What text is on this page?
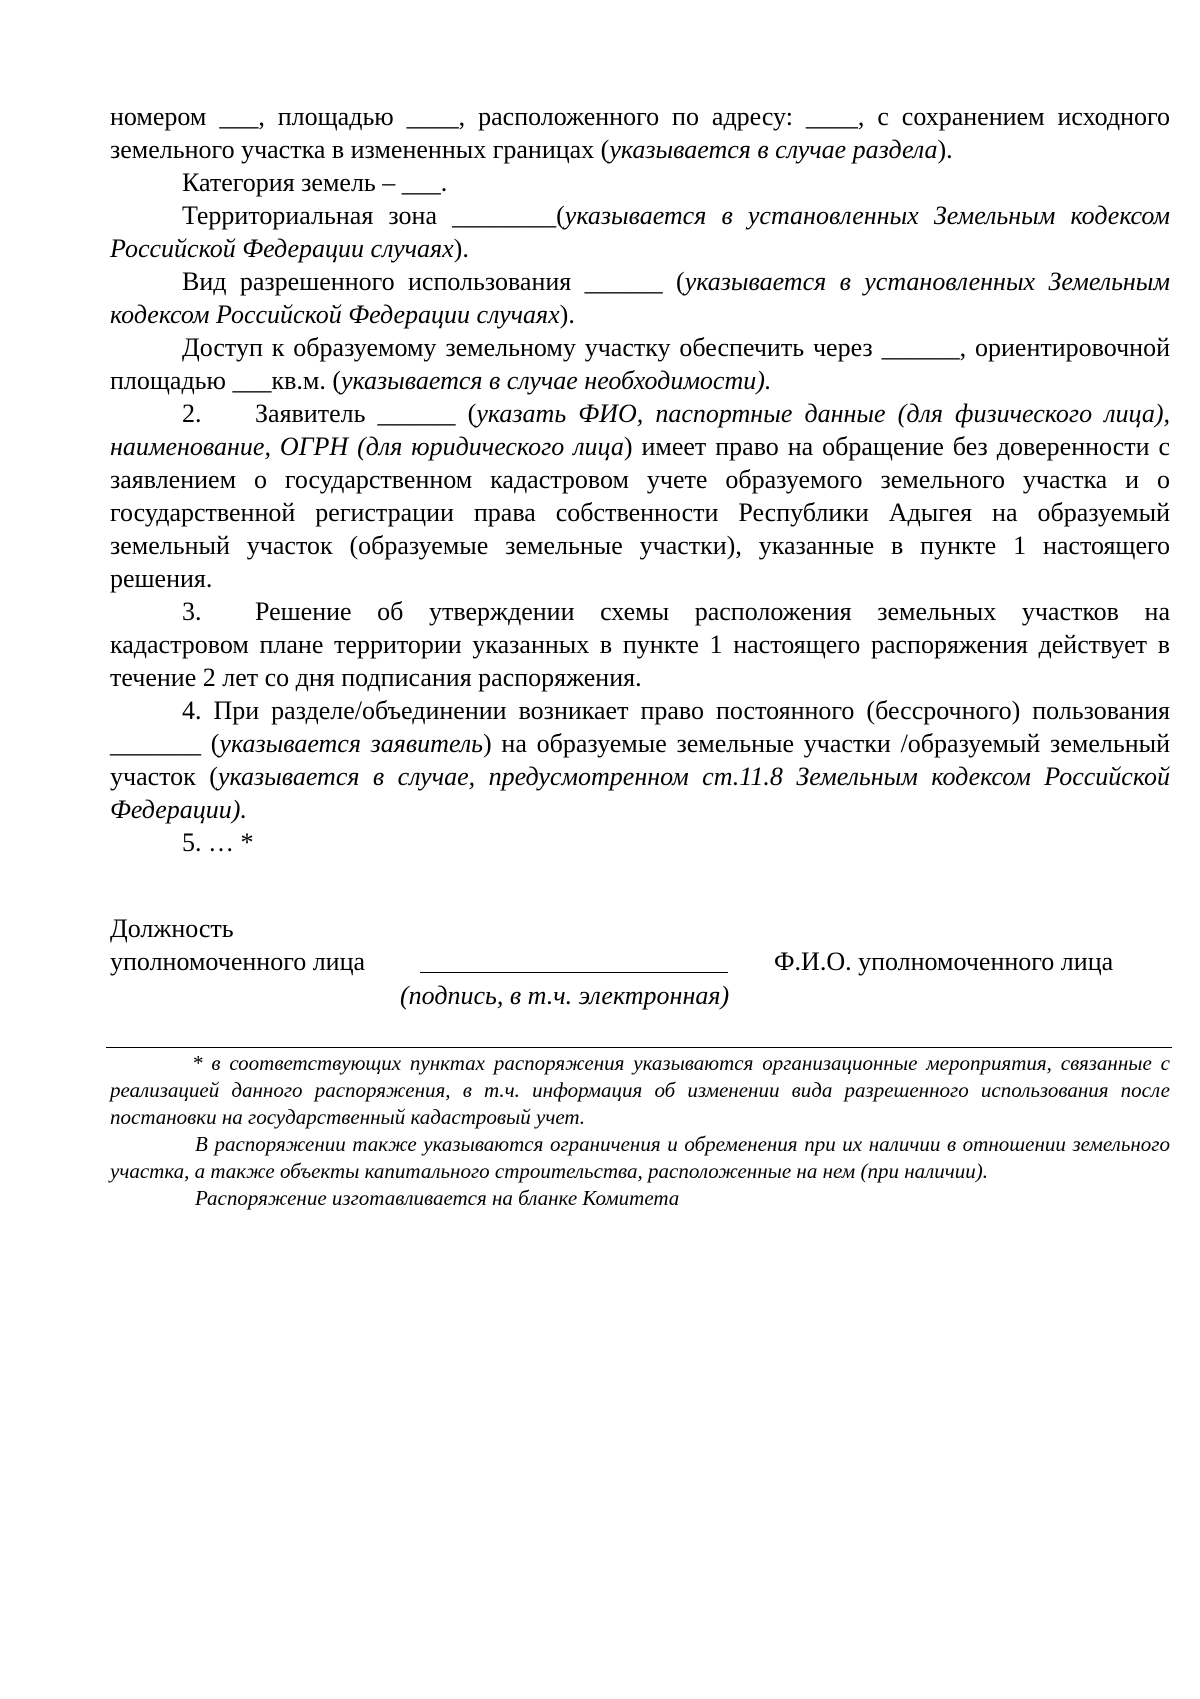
номером ___, площадью ____, расположенного по адресу: ____, с сохранением исходного земельного участка в измененных границах (указывается в случае раздела).

Категория земель – ___.

Территориальная зона ________(указывается в установленных Земельным кодексом Российской Федерации случаях).

Вид разрешенного использования ______ (указывается в установленных Земельным кодексом Российской Федерации случаях).

Доступ к образуемому земельному участку обеспечить через ______, ориентировочной площадью ___кв.м. (указывается в случае необходимости).

2. Заявитель ______ (указать ФИО, паспортные данные (для физического лица), наименование, ОГРН (для юридического лица) имеет право на обращение без доверенности с заявлением о государственном кадастровом учете образуемого земельного участка и о государственной регистрации права собственности Республики Адыгея на образуемый земельный участок (образуемые земельные участки), указанные в пункте 1 настоящего решения.

3. Решение об утверждении схемы расположения земельных участков на кадастровом плане территории указанных в пункте 1 настоящего распоряжения действует в течение 2 лет со дня подписания распоряжения.

4. При разделе/объединении возникает право постоянного (бессрочного) пользования _______ (указывается заявитель) на образуемые земельные участки /образуемый земельный участок (указывается в случае, предусмотренном ст.11.8 Земельным кодексом Российской Федерации).

5. … *

Должность
уполномоченного лица	Ф.И.О. уполномоченного лица
(подпись, в т.ч. электронная)

* в соответствующих пунктах распоряжения указываются организационные мероприятия, связанные с реализацией данного распоряжения, в т.ч. информация об изменении вида разрешенного использования после постановки на государственный кадастровый учет.

В распоряжении также указываются ограничения и обременения при их наличии в отношении земельного участка, а также объекты капитального строительства, расположенные на нем (при наличии).

Распоряжение изготавливается на бланке Комитета
